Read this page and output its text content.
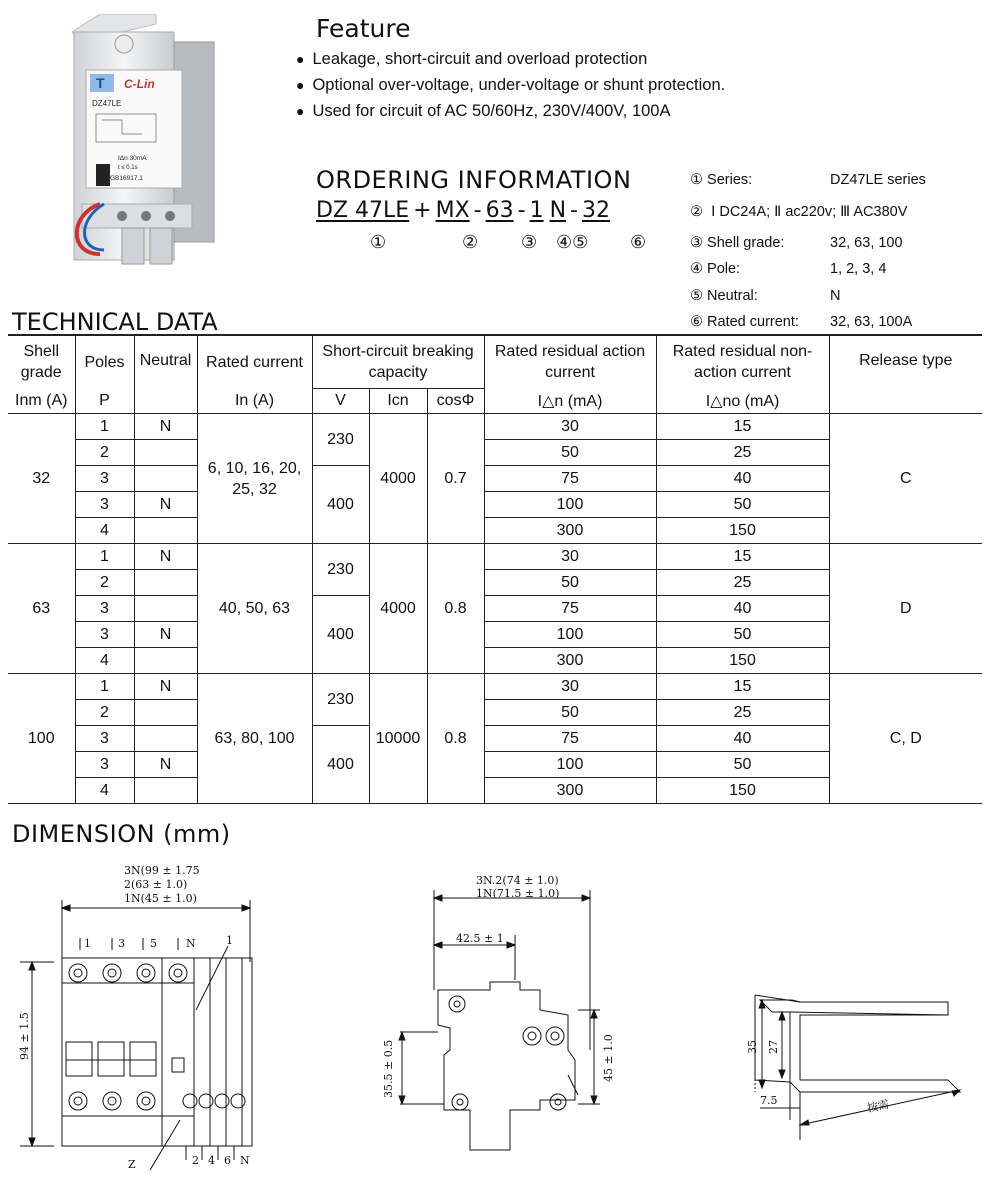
T C-Lin
DZ47LE
IΔn 30mA
t ≤ 0.1s
GB16917.1
Feature
● Leakage, short-circuit and overload protection
● Optional over-voltage, under-voltage or shunt protection.
● Used for circuit of AC 50/60Hz, 230V/400V, 100A
ORDERING INFORMATION
DZ 47LE + MX - 63 - 1 N - 32
①	② ③ ④⑤ ⑥
① Series:	DZ47LE series
② Ⅰ DC24A; Ⅱ ac220v; Ⅲ AC380V
③ Shell grade:	32, 63, 100
④ Pole:	1, 2, 3, 4
⑤ Neutral:	N
⑥ Rated current: 32, 63, 100A
TECHNICAL DATA
Shell grade	Poles	Neutral	Rated current	Short-circuit breaking capacity			Rated residual action current	Rated residual non-action current	Release type
Inm (A)	P		In (A)	V	Icn	cosΦ	I△n (mA)	I△no (mA)	
32	1	N	6, 10, 16, 20, 25, 32	230	4000	0.7	30	15	C
	2						50	25	
	3			400			75	40	
	3	N					100	50	
	4						300	150	
63	1	N	40, 50, 63	230	4000	0.8	30	15	D
	2						50	25	
	3			400			75	40	
	3	N					100	50	
	4						300	150	
100	1	N	63, 80, 100	230	10000	0.8	30	15	C, D
	2						50	25	
	3			400			75	40	
	3	N					100	50	
	4						300	150	
DIMENSION (mm)
3N(99 ± 1.75
2(63 ± 1.0)
1N(45 ± 1.0)
94 ± 1.5
1 3 5	N	1
2 4 6 N
Z
3N.2(74 ± 1.0)
1N(71.5 ± 1.0)
42.5 ± 1
35.5 ± 0.5	45 ± 1.0	35 27
7.5	按需
